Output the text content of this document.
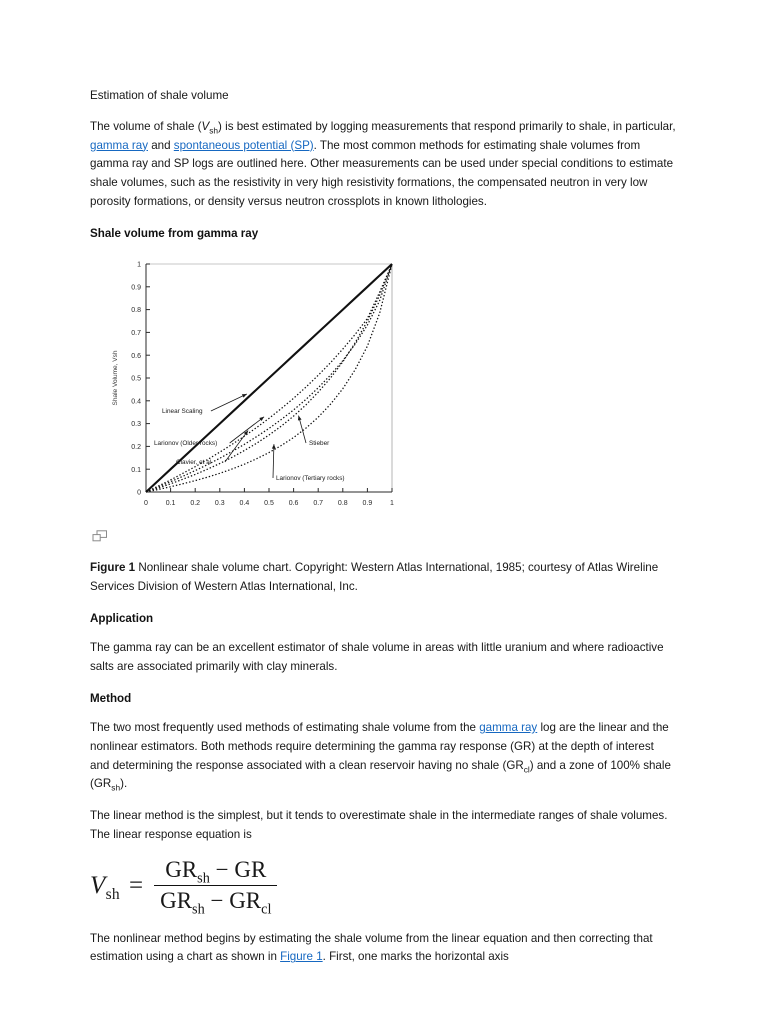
Estimation of shale volume

The volume of shale $(V_{sh})$ is best estimated by logging measurements that respond primarily to shale, in particular, gamma ray and spontaneous potential (SP). The most common methods for estimating shale volumes from gamma ray and SP logs are outlined here. Other measurements can be used under special conditions to estimate shale volumes, such as the resistivity in very high resistivity formations, the compensated neutron in very low porosity formations, or density versus neutron crossplots in known lithologies.

Shale volume from gamma ray
0	0.1 0.2 0.3 0.4 0.5 0.6 0.7 0.8 0.9	1
0
0.1
0.2
0.3
0.4
0.5
0.6
0.7
0.8
0.9
1
Shale Volume, Vsh
Linear Scaling
Larionov (Older rocks)
Clavier, et al
Stieber
Larionov (Tertiary rocks)
Figure 1 Nonlinear shale volume chart. Copyright: Western Atlas International, 1985; courtesy of Atlas Wireline Services Division of Western Atlas International, Inc.
Application

The gamma ray can be an excellent estimator of shale volume in areas with little uranium and where radioactive salts are associated primarily with clay minerals.

Method

The two most frequently used methods of estimating shale volume from the gamma ray log are the linear and the nonlinear estimators. Both methods require determining the gamma ray response (GR) at the depth of interest and determining the response associated with a clean reservoir having no shale $(GR_{cl})$ and a zone of 100% shale $(GR_{sh})$.

The linear method is the simplest, but it tends to overestimate shale in the intermediate ranges of shale volumes. The linear response equation is

$V_{sh} = \frac{GR_{sh} - GR}{GR_{sh} - GR_{cl}}$

The nonlinear method begins by estimating the shale volume from the linear equation and then correcting that estimation using a chart as shown in Figure 1. First, one marks the horizontal axis
